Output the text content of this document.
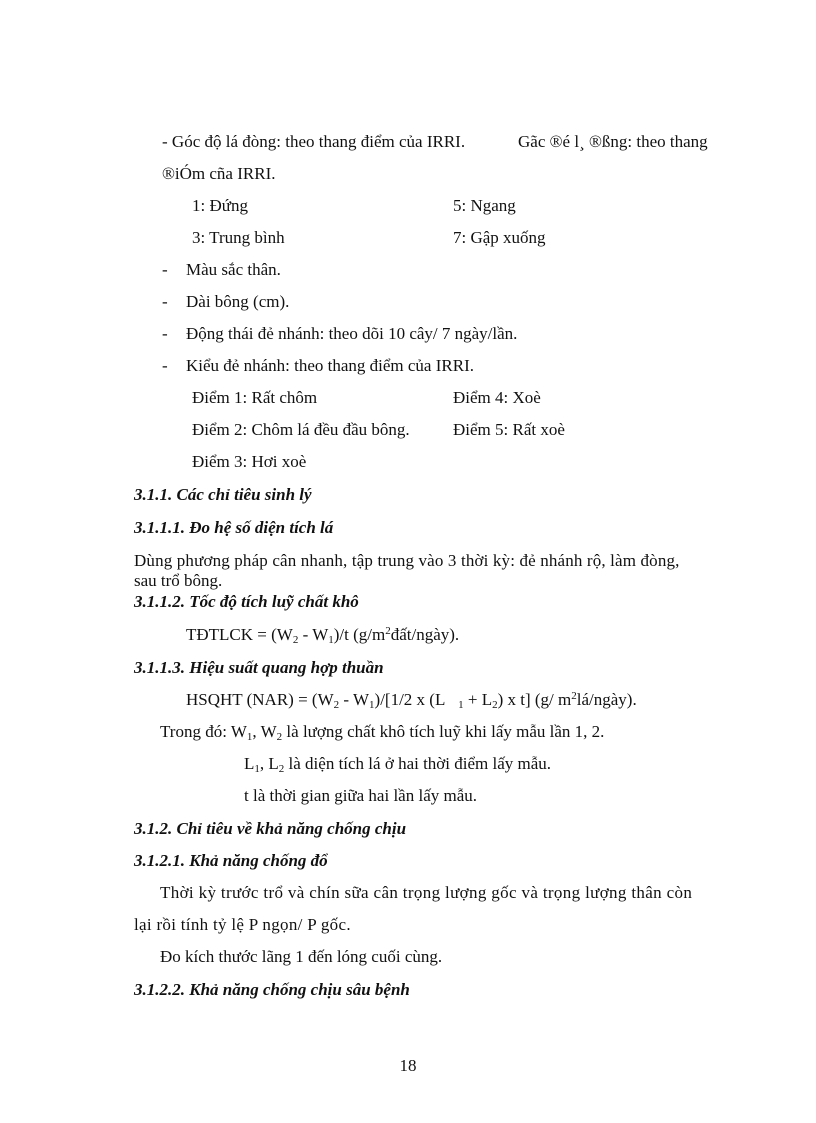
- Góc độ lá đòng: theo thang điểm của IRRI.	Gãc ®é l¸ ®ßng: theo thang
®iÓm cña IRRI.
1: Đứng	5: Ngang
3: Trung bình	7: Gập xuống
- Màu sắc thân.
- Dài bông (cm).
- Động thái đẻ nhánh: theo dõi 10 cây/ 7 ngày/lần.
- Kiểu đẻ nhánh: theo thang điểm của IRRI.
Điểm 1: Rất chôm	Điểm 4: Xoè
Điểm 2: Chôm lá đều đầu bông.	Điểm 5: Rất xoè
Điểm 3: Hơi xoè
3.1.1. Các chỉ tiêu sinh lý
3.1.1.1. Đo hệ số diện tích lá
Dùng phương pháp cân nhanh, tập trung vào 3 thời kỳ: đẻ nhánh rộ, làm đòng,
sau trổ bông.
3.1.1.2. Tốc độ tích luỹ chất khô
TĐTLCK = $(W_2 - W_1)/t$ $(g/m^2đất/ngày)$.
3.1.1.3. Hiệu suất quang hợp thuần
HSQHT $(NAR) = (W_2 - W_1)/[1/2$ x (L $_1 + L_2$) x t] (g/ $m^2lá/ngày$).
Trong đó: $W_1$, $W_2$ là lượng chất khô tích luỹ khi lấy mẫu lần 1, 2.
$L_1$, $L_2$ là diện tích lá ở hai thời điểm lấy mẫu.
t là thời gian giữa hai lần lấy mẫu.
3.1.2. Chỉ tiêu về khả năng chống chịu
3.1.2.1. Khả năng chống đổ
Thời kỳ trước trổ và chín sữa cân trọng lượng gốc và trọng lượng thân còn
lại rồi tính tỷ lệ P ngọn/ P gốc.
Đo kích thước lãng 1 đến lóng cuối cùng.
3.1.2.2. Khả năng chống chịu sâu bệnh
18
